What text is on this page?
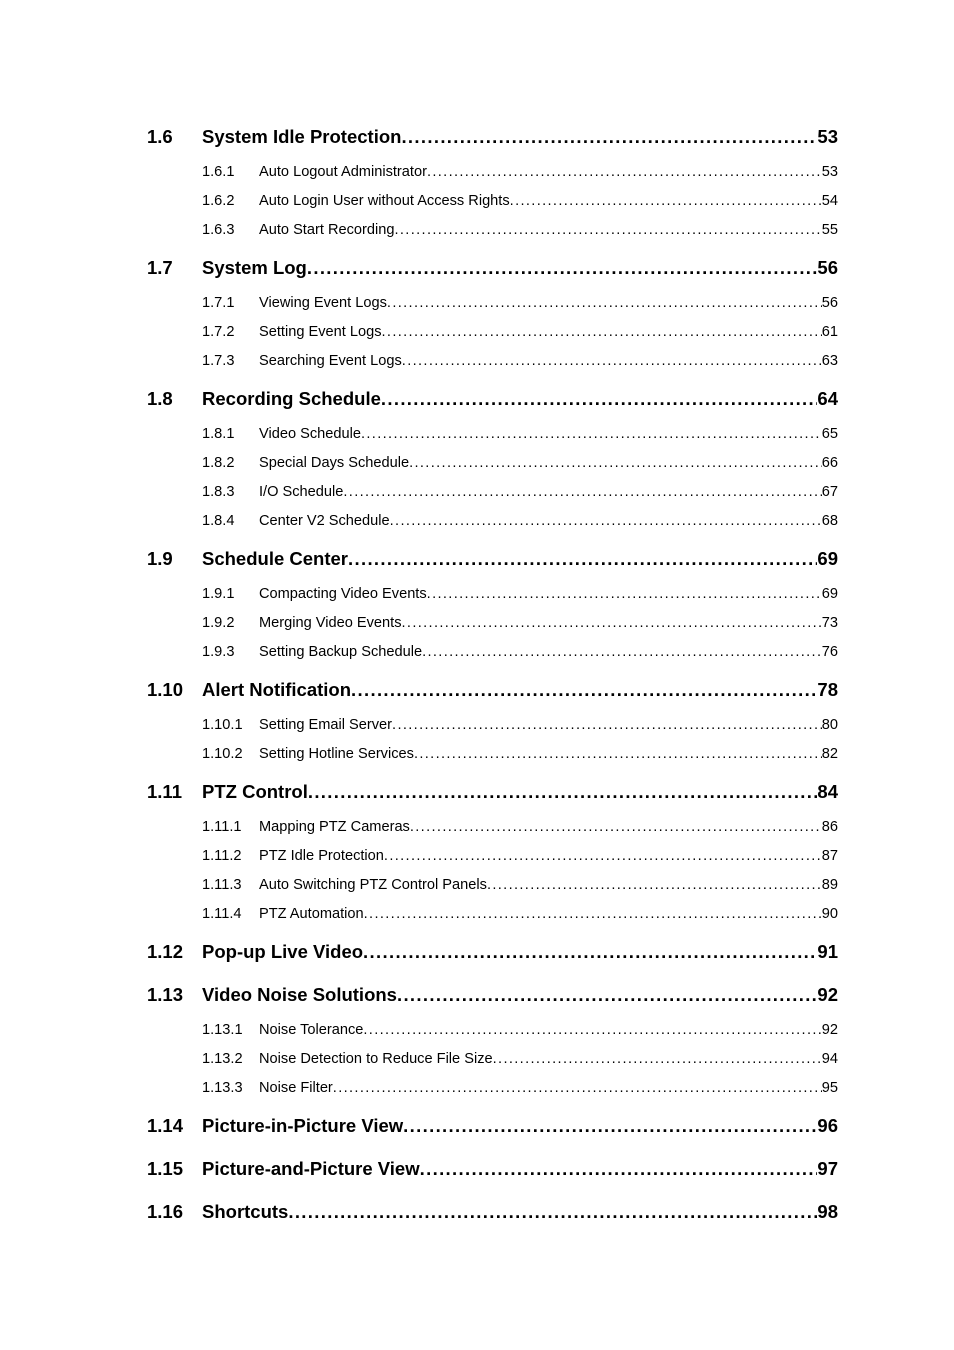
1.6	System Idle Protection . . .	53
1.6.1	Auto Logout Administrator . . .	53
1.6.2	Auto Login User without Access Rights . . .	54
1.6.3	Auto Start Recording . . .	55
1.7	System Log . . .	56
1.7.1	Viewing Event Logs . . .	56
1.7.2	Setting Event Logs . . .	61
1.7.3	Searching Event Logs . . .	63
1.8	Recording Schedule . . .	64
1.8.1	Video Schedule . . .	65
1.8.2	Special Days Schedule . . .	66
1.8.3	I/O Schedule . . .	67
1.8.4	Center V2 Schedule . . .	68
1.9	Schedule Center . . .	69
1.9.1	Compacting Video Events . . .	69
1.9.2	Merging Video Events . . .	73
1.9.3	Setting Backup Schedule . . .	76
1.10	Alert Notification . . .	78
1.10.1	Setting Email Server . . .	80
1.10.2	Setting Hotline Services . . .	82
1.11	PTZ Control . . .	84
1.11.1	Mapping PTZ Cameras . . .	86
1.11.2	PTZ Idle Protection . . .	87
1.11.3	Auto Switching PTZ Control Panels . . .	89
1.11.4	PTZ Automation . . .	90
1.12	Pop-up Live Video . . .	91
1.13	Video Noise Solutions . . .	92
1.13.1	Noise Tolerance . . .	92
1.13.2	Noise Detection to Reduce File Size . . .	94
1.13.3	Noise Filter . . .	95
1.14	Picture-in-Picture View . . .	96
1.15	Picture-and-Picture View . . .	97
1.16	Shortcuts . . .	98
